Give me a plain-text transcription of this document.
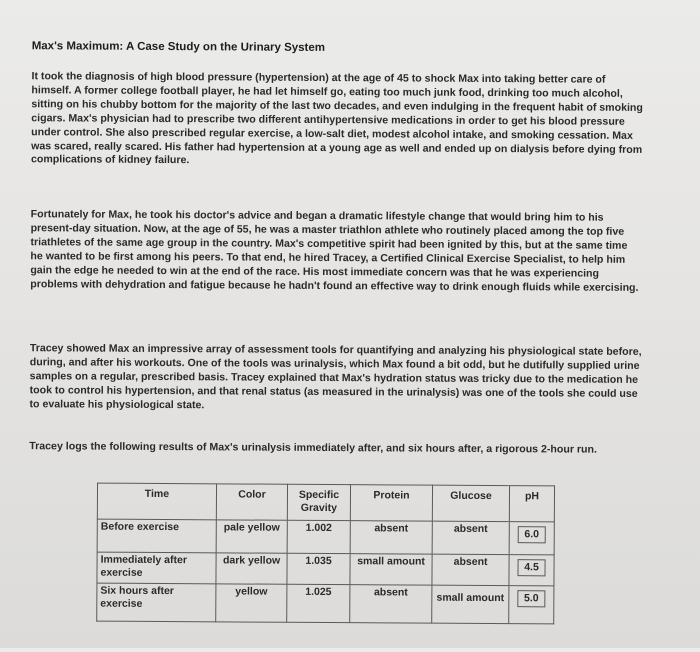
Max's Maximum: A Case Study on the Urinary System

It took the diagnosis of high blood pressure (hypertension) at the age of 45 to shock Max into taking better care of himself. A former college football player, he had let himself go, eating too much junk food, drinking too much alcohol, sitting on his chubby bottom for the majority of the last two decades, and even indulging in the frequent habit of smoking cigars. Max's physician had to prescribe two different antihypertensive medications in order to get his blood pressure under control. She also prescribed regular exercise, a low-salt diet, modest alcohol intake, and smoking cessation. Max was scared, really scared. His father had hypertension at a young age as well and ended up on dialysis before dying from complications of kidney failure.

Fortunately for Max, he took his doctor's advice and began a dramatic lifestyle change that would bring him to his present-day situation. Now, at the age of 55, he was a master triathlon athlete who routinely placed among the top five triathletes of the same age group in the country. Max's competitive spirit had been ignited by this, but at the same time he wanted to be first among his peers. To that end, he hired Tracey, a Certified Clinical Exercise Specialist, to help him gain the edge he needed to win at the end of the race. His most immediate concern was that he was experiencing problems with dehydration and fatigue because he hadn't found an effective way to drink enough fluids while exercising.

Tracey showed Max an impressive array of assessment tools for quantifying and analyzing his physiological state before, during, and after his workouts. One of the tools was urinalysis, which Max found a bit odd, but he dutifully supplied urine samples on a regular, prescribed basis. Tracey explained that Max's hydration status was tricky due to the medication he took to control his hypertension, and that renal status (as measured in the urinalysis) was one of the tools she could use to evaluate his physiological state.

Tracey logs the following results of Max's urinalysis immediately after, and six hours after, a rigorous 2-hour run.

Time	Color	Specific Gravity	Protein	Glucose	pH
Before exercise	pale yellow	1.002	absent	absent	6.0
Immediately after exercise	dark yellow	1.035	small amount	absent	4.5
Six hours after exercise	yellow	1.025	absent	small amount	5.0
